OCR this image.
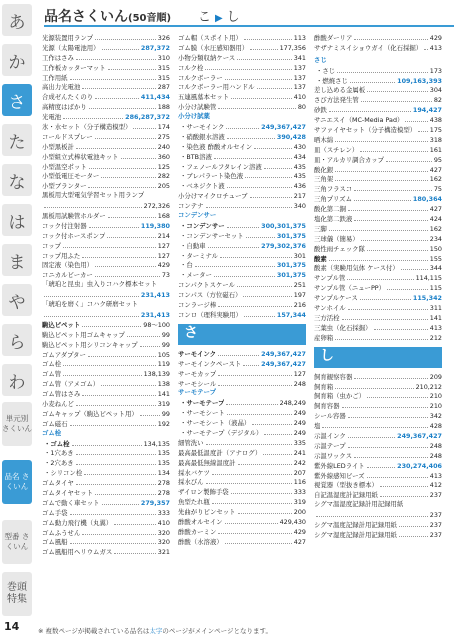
あ
か
さ
た
な
は
ま
や
ら
わ
単元別 さくいん
品名 さくいん
型番 さくいん
巻頭 特集
品名さくいん(50音順) こ ▶ し
光源装置用ランプ	326
光源（太陽電池用）	287,372
工作はさみ	310
工作板カッターマット	315
工作用紙	315
高出力光電池	287
合成ゼんたくのり	411,434
高精度はばかり	188
光電池	286,287,372
氷・水セット（分子構造模型）	174
コールドスプレー	275
小型黒板計	240
小型組立式棒状電池キット	360
小型温空ポット	125
小型低電圧モーター	282
小型ブランター	205
黒板用大型電気学習セット用ランプ
272,326
黒板用試験管ホルダー	168
コック付注射器	119,380
コック付ホースポンプ	214
コップ	127
コップ用ふた	127
固定液（染色用）	429
コニカルビーカー	73
「琥珀と昆虫」虫入りコハク標本セット
231,413
「琥珀を磨く」コハク研磨セット
231,413
駒込ピペット	98～100
駒込ピペット用ゴムキャップ	99
駒込ピペット用シリコンキャップ	99
ゴムアダプター	105
ゴム栓	119
ゴム管	138,139
ゴム管（アメゴム）	138
ゴム管はさみ	141
小麦ねんど	319
ゴムキャップ（駒込ピペット用）	99
ゴム磁石	192
ゴム栓
・ゴム栓	134,135
・1穴あき	135
・2穴あき	135
・シリコン栓	134
ゴムタイヤ	278
ゴムタイヤセット	278
ゴムで動く車セット	279,357
ゴム手袋	333
ゴム動力飛行機（丸翼）	410
ゴムふうせん	320
ゴム風船	320
ゴム風船用ヘリウムガス	321
ゴム帽（スポイト用）	113
ゴム膜（水圧感知器用）	177,356
小物分類収納ケース	341
コルク栓	137
コルクボーラー	137
コルクボーラー用ハンドル	137
五連風墓本セット	410
小分け試験管	80
小分け試薬
・サーモインク	249,367,427
・硝酸銀水溶液	390,428
・染色液 酢酸オルセイン	430
・BTB溶液	434
・フェノールフタレイン溶液	435
・ブレパラート染色液	435
・ベネジクト液	436
小分けマイクロチューブ	217
コンテナ	340
コンデンサー
・コンデンサー	300,301,375
・コンデンサーセット	301,375
・自動車	279,302,376
・ターミナル	301
・台	301,375
・メーター	301,375
コンパクトスケール	251
コンパス（方位磁石）	197
コンラージ棒	216
コンロ（理科実験用）	157,344
さ
サーモインク	249,367,427
サーモインクペースト	249,367,427
サーモカップ	127
サーモシール	248
サーモテープ
・サーモテープ	248,249
・サーモシート	249
・サーモシート（液晶）	249
・サーモテープ（デジタル）	249
細管洗い	335
最高最低温度計（アナログ）	241
最高最低無線温度計	242
採水バケツ	207
採水びん	116
ザイロン製飾手袋	333
魚型たれ瓶	319
先曲がりピンセット	200
酢酸オルセイン	429,430
酢酸カーミン	429
酢酸（水溶液）	427
酢酸ダーリア	429
サザナミスイショウガイ（化石採掘） 413
さじ
・さじ	173
・燃焼さじ	109,163,393
差し込める金属板	304
さび方法発生管	82
砂鉄	194,427
サニエスイ（MC-Media Pad）	438
サファイヤセット（分子構造模型） 175
晒木綿	318
皿（スチレン）	161
皿・アルカリ調合カップ	95
酸化銀	427
三角架	162
三角フラスコ	75
三角プリズム	180,364
酸化第二銅	427
塩化第二鉄液	424
三脚	162
三球儀（簡易）	234
酸性雨チェック隊	150
酸素	155
酸素（実験用気体 ケース付）	344
サンプル管	114,115
サンプル管（ニューPP）	115
サンプルケース	115,342
サンホイル	311
三方活栓	141
三葉虫（化石採掘）	413
産卵箱	212
し
飼育観察容器	209
飼育箱	210,212
飼育箱（虫かご）	210
飼育容器	210
シール容器	342
塩	428
示温インク	249,367,427
示温テープ	248
示温ワックス	248
紫外線LEDライト	230,274,406
紫外線感知ビーズ	413
視覚器（型抜き標本）	412
自記温湿度計記録用紙	237
シグマ温湿度記録計用記録用紙
237
シグマ温度記録計用記録用紙	237
シグマ湿度記録計用記録用紙	237
14	※ 複数ページが掲載されている品名は太字のページがメインページとなります。
